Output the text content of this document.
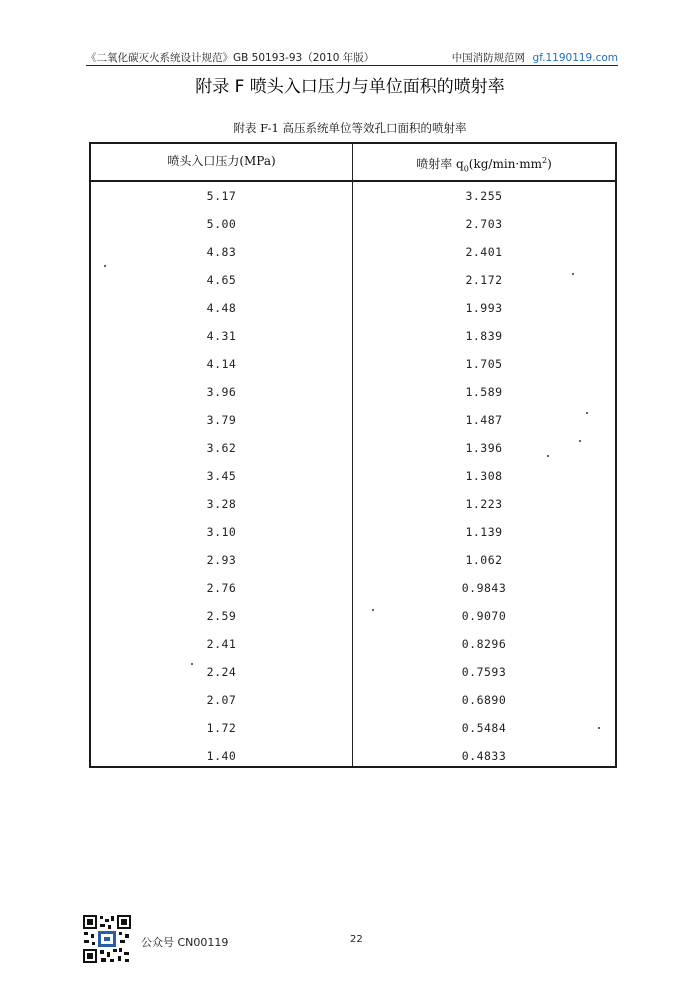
《二氧化碳灭火系统设计规范》GB 50193-93（2010 年版）	中国消防规范网 gf.1190119.com
附录 F 喷头入口压力与单位面积的喷射率
附表 F-1 高压系统单位等效孔口面积的喷射率
喷头入口压力(MPa)	喷射率 $q_0(kg/\min\cdot mm^2)$
5.17	3.255
5.00	2.703
4.83	2.401
4.65	2.172
4.48	1.993
4.31	1.839
4.14	1.705
3.96	1.589
3.79	1.487
3.62	1.396
3.45	1.308
3.28	1.223
3.10	1.139
2.93	1.062
2.76	0.9843
2.59	0.9070
2.41	0.8296
2.24	0.7593
2.07	0.6890
1.72	0.5484
1.40	0.4833
公众号 CN00119	22
